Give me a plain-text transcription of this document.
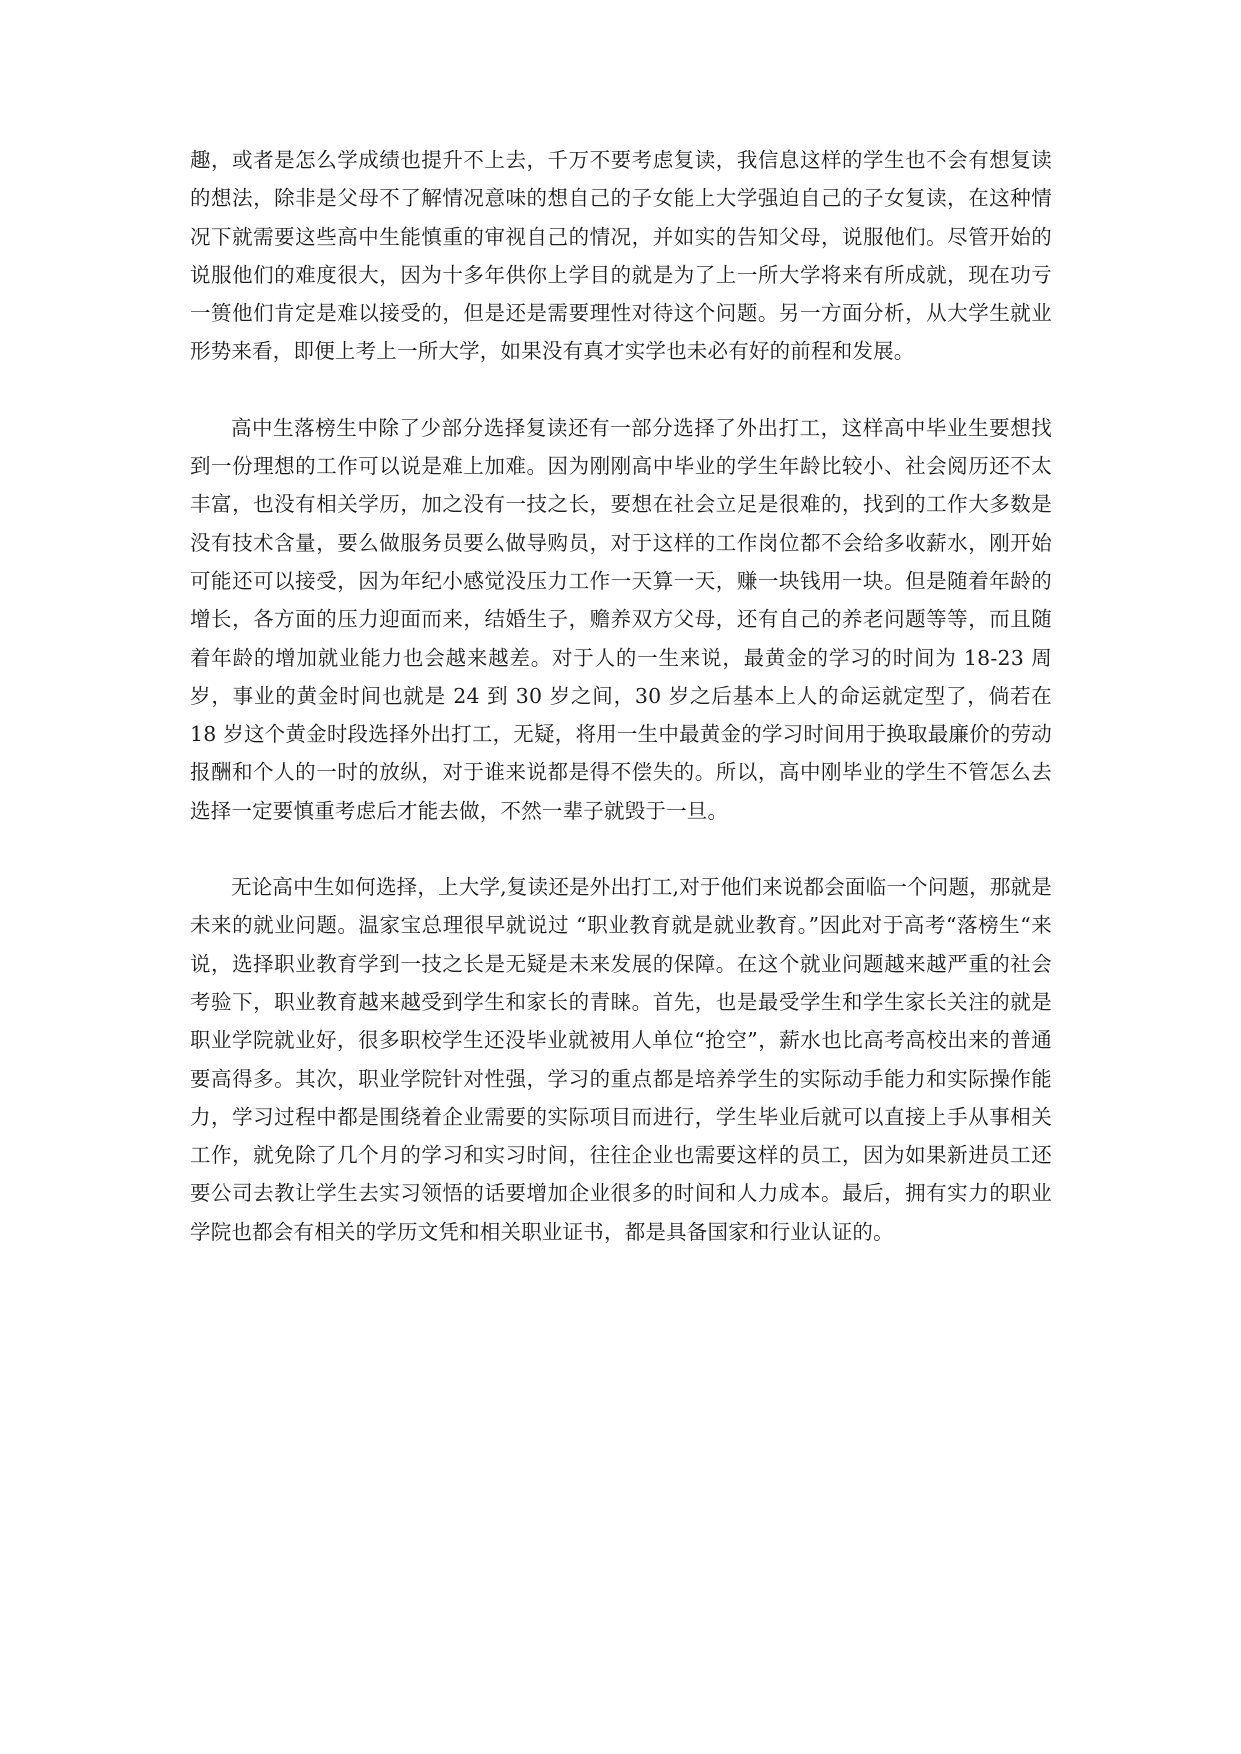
趣，或者是怎么学成绩也提升不上去，千万不要考虑复读，我信息这样的学生也不会有想复读的想法，除非是父母不了解情况意味的想自己的子女能上大学强迫自己的子女复读，在这种情况下就需要这些高中生能慎重的审视自己的情况，并如实的告知父母，说服他们。尽管开始的说服他们的难度很大，因为十多年供你上学目的就是为了上一所大学将来有所成就，现在功亏一篑他们肯定是难以接受的，但是还是需要理性对待这个问题。另一方面分析，从大学生就业形势来看，即便上考上一所大学，如果没有真才实学也未必有好的前程和发展。

高中生落榜生中除了少部分选择复读还有一部分选择了外出打工，这样高中毕业生要想找到一份理想的工作可以说是难上加难。因为刚刚高中毕业的学生年龄比较小、社会阅历还不太丰富，也没有相关学历，加之没有一技之长，要想在社会立足是很难的，找到的工作大多数是没有技术含量，要么做服务员要么做导购员，对于这样的工作岗位都不会给多收薪水，刚开始可能还可以接受，因为年纪小感觉没压力工作一天算一天，赚一块钱用一块。但是随着年龄的增长，各方面的压力迎面而来，结婚生子，赡养双方父母，还有自己的养老问题等等，而且随着年龄的增加就业能力也会越来越差。对于人的一生来说，最黄金的学习的时间为 18-23 周岁，事业的黄金时间也就是 24 到 30 岁之间，30 岁之后基本上人的命运就定型了，倘若在 18 岁这个黄金时段选择外出打工，无疑，将用一生中最黄金的学习时间用于换取最廉价的劳动报酬和个人的一时的放纵，对于谁来说都是得不偿失的。所以，高中刚毕业的学生不管怎么去选择一定要慎重考虑后才能去做，不然一辈子就毁于一旦。

无论高中生如何选择，上大学,复读还是外出打工,对于他们来说都会面临一个问题，那就是未来的就业问题。温家宝总理很早就说过 “职业教育就是就业教育。”因此对于高考“落榜生“来说，选择职业教育学到一技之长是无疑是未来发展的保障。在这个就业问题越来越严重的社会考验下，职业教育越来越受到学生和家长的青睐。首先，也是最受学生和学生家长关注的就是职业学院就业好，很多职校学生还没毕业就被用人单位“抢空”，薪水也比高考高校出来的普通要高得多。其次，职业学院针对性强，学习的重点都是培养学生的实际动手能力和实际操作能力，学习过程中都是围绕着企业需要的实际项目而进行，学生毕业后就可以直接上手从事相关工作，就免除了几个月的学习和实习时间，往往企业也需要这样的员工，因为如果新进员工还要公司去教让学生去实习领悟的话要增加企业很多的时间和人力成本。最后，拥有实力的职业学院也都会有相关的学历文凭和相关职业证书，都是具备国家和行业认证的。
